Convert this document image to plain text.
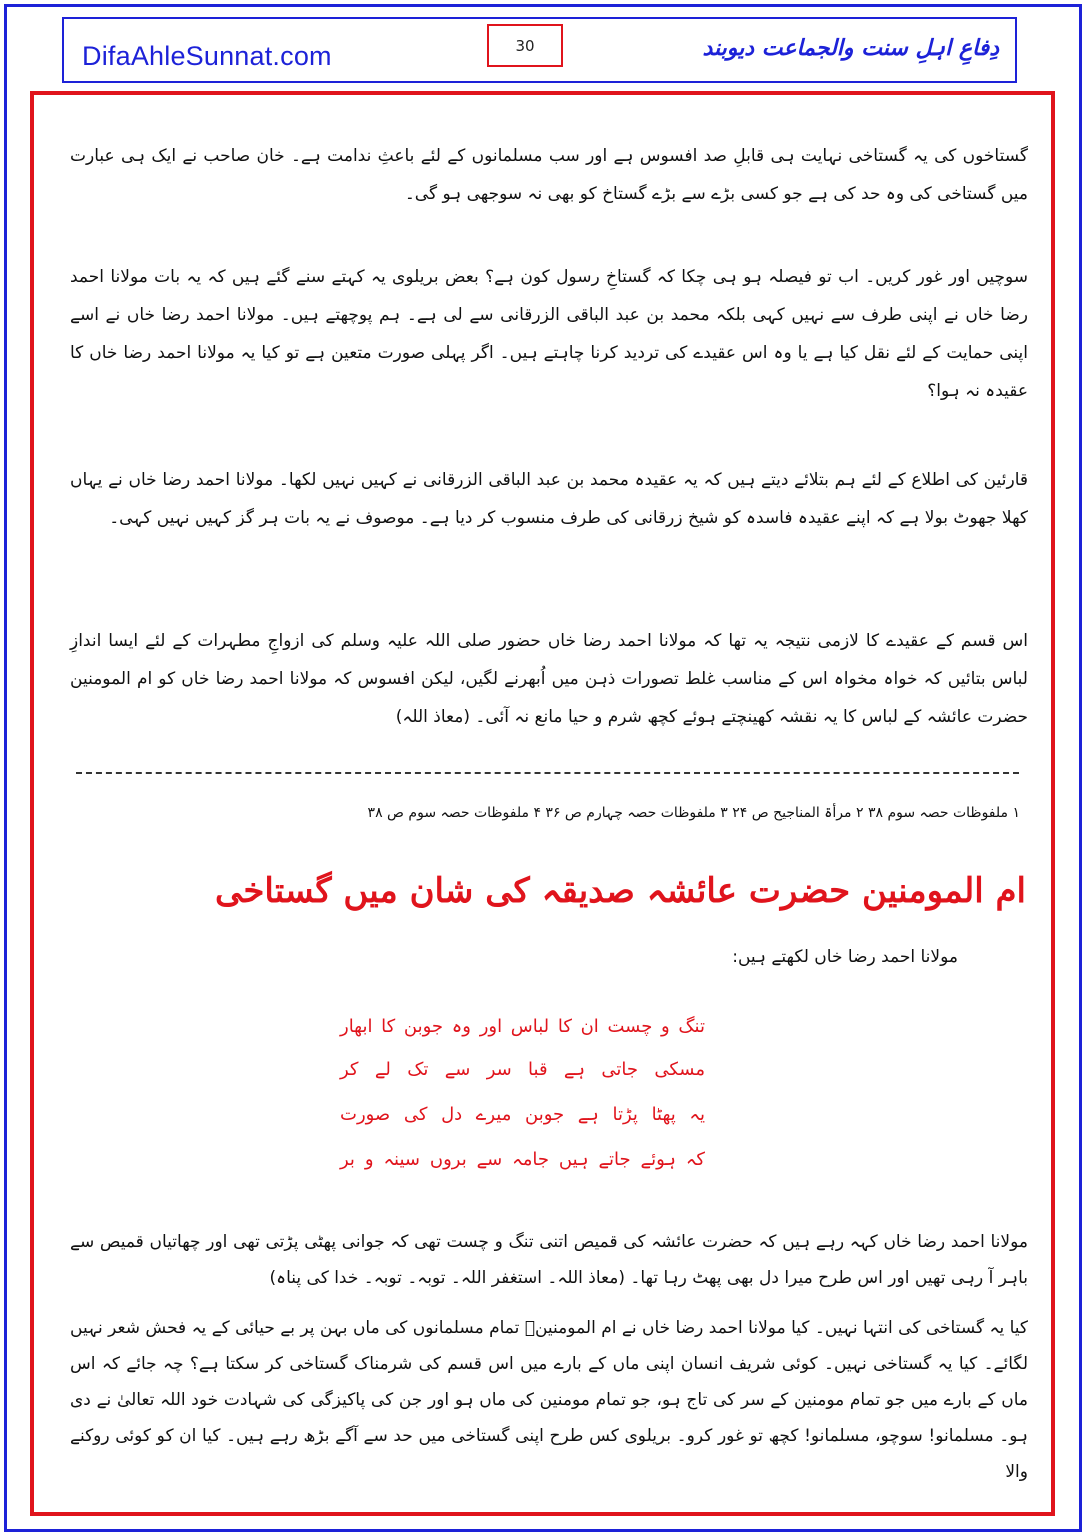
DifaAhleSunnat.com	30	دِفاعِ اہلِ سنت والجماعت دیوبند

گستاخوں کی یہ گستاخی نہایت ہی قابلِ صد افسوس ہے اور سب مسلمانوں کے لئے باعثِ ندامت ہے۔ خان صاحب نے ایک ہی عبارت میں گستاخی کی وہ حد کی ہے جو کسی بڑے سے بڑے گستاخ کو بھی نہ سوجھی ہو گی۔

سوچیں اور غور کریں۔ اب تو فیصلہ ہو ہی چکا کہ گستاخِ رسول کون ہے؟ بعض بریلوی یہ کہتے سنے گئے ہیں کہ یہ بات مولانا احمد رضا خاں نے اپنی طرف سے نہیں کہی بلکہ محمد بن عبد الباقی الزرقانی سے لی ہے۔ ہم پوچھتے ہیں۔ مولانا احمد رضا خاں نے اسے اپنی حمایت کے لئے نقل کیا ہے یا وہ اس عقیدے کی تردید کرنا چاہتے ہیں۔ اگر پہلی صورت متعین ہے تو کیا یہ مولانا احمد رضا خاں کا عقیدہ نہ ہوا؟

قارئین کی اطلاع کے لئے ہم بتلائے دیتے ہیں کہ یہ عقیدہ محمد بن عبد الباقی الزرقانی نے کہیں نہیں لکھا۔ مولانا احمد رضا خاں نے یہاں کھلا جھوٹ بولا ہے کہ اپنے عقیدہ فاسدہ کو شیخ زرقانی کی طرف منسوب کر دیا ہے۔ موصوف نے یہ بات ہر گز کہیں نہیں کہی۔

اس قسم کے عقیدے کا لازمی نتیجہ یہ تھا کہ مولانا احمد رضا خاں حضور صلی اللہ علیہ وسلم کی ازواجِ مطہرات کے لئے ایسا اندازِ لباس بتائیں کہ خواہ مخواہ اس کے مناسب غلط تصورات ذہن میں اُبھرنے لگیں، لیکن افسوس کہ مولانا احمد رضا خاں کو ام المومنین حضرت عائشہ کے لباس کا یہ نقشہ کھینچتے ہوئے کچھ شرم و حیا مانع نہ آئی۔ (معاذ اللہ)

۱ ملفوظات حصہ سوم ۳۸ ۲ مرأۃ المناجیح ص ۲۴ ۳ ملفوظات حصہ چہارم ص ۳۶ ۴ ملفوظات حصہ سوم ص ۳۸

ام المومنین حضرت عائشہ صدیقہ کی شان میں گستاخی

مولانا احمد رضا خاں لکھتے ہیں:

تنگ و چست ان کا لباس اور وہ جوبن کا ابھار

مسکی جاتی ہے قبا سر سے تک لے کر

یہ پھٹا پڑتا ہے جوبن میرے دل کی صورت

کہ ہوئے جاتے ہیں جامہ سے بروں سینہ و بر

مولانا احمد رضا خاں کہہ رہے ہیں کہ حضرت عائشہ کی قمیص اتنی تنگ و چست تھی کہ جوانی پھٹی پڑتی تھی اور چھاتیاں قمیص سے باہر آ رہی تھیں اور اس طرح میرا دل بھی پھٹ رہا تھا۔ (معاذ اللہ۔ استغفر اللہ۔ توبہ۔ توبہ۔ خدا کی پناہ)

کیا یہ گستاخی کی انتہا نہیں۔ کیا مولانا احمد رضا خاں نے ام المومنینؓ تمام مسلمانوں کی ماں بہن پر بے حیائی کے یہ فحش شعر نہیں لگائے۔ کیا یہ گستاخی نہیں۔ کوئی شریف انسان اپنی ماں کے بارے میں اس قسم کی شرمناک گستاخی کر سکتا ہے؟ چہ جائے کہ اس ماں کے بارے میں جو تمام مومنین کے سر کی تاج ہو، جو تمام مومنین کی ماں ہو اور جن کی پاکیزگی کی شہادت خود اللہ تعالیٰ نے دی ہو۔ مسلمانو! سوچو، مسلمانو! کچھ تو غور کرو۔ بریلوی کس طرح اپنی گستاخی میں حد سے آگے بڑھ رہے ہیں۔ کیا ان کو کوئی روکنے والا
